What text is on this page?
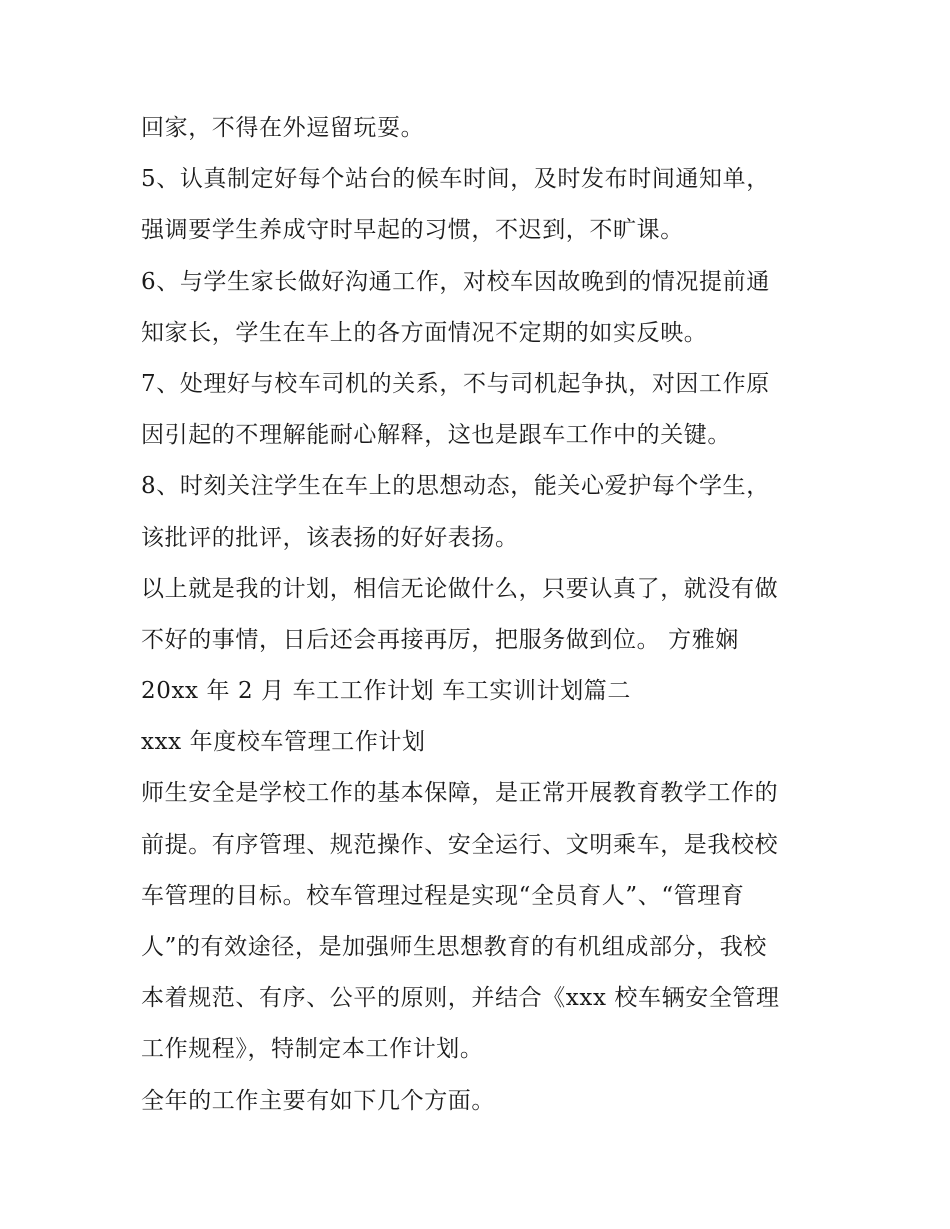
回家，不得在外逗留玩耍。
5、认真制定好每个站台的候车时间，及时发布时间通知单，
强调要学生养成守时早起的习惯，不迟到，不旷课。
6、与学生家长做好沟通工作，对校车因故晚到的情况提前通
知家长，学生在车上的各方面情况不定期的如实反映。
7、处理好与校车司机的关系，不与司机起争执，对因工作原
因引起的不理解能耐心解释，这也是跟车工作中的关键。
8、时刻关注学生在车上的思想动态，能关心爱护每个学生，
该批评的批评，该表扬的好好表扬。
以上就是我的计划，相信无论做什么，只要认真了，就没有做
不好的事情，日后还会再接再厉，把服务做到位。 方雅娴
20xx 年 2 月 车工工作计划 车工实训计划篇二
xxx 年度校车管理工作计划
师生安全是学校工作的基本保障，是正常开展教育教学工作的
前提。有序管理、规范操作、安全运行、文明乘车，是我校校
车管理的目标。校车管理过程是实现“全员育人”、“管理育
人”的有效途径，是加强师生思想教育的有机组成部分，我校
本着规范、有序、公平的原则，并结合《xxx 校车辆安全管理
工作规程》，特制定本工作计划。
全年的工作主要有如下几个方面。
